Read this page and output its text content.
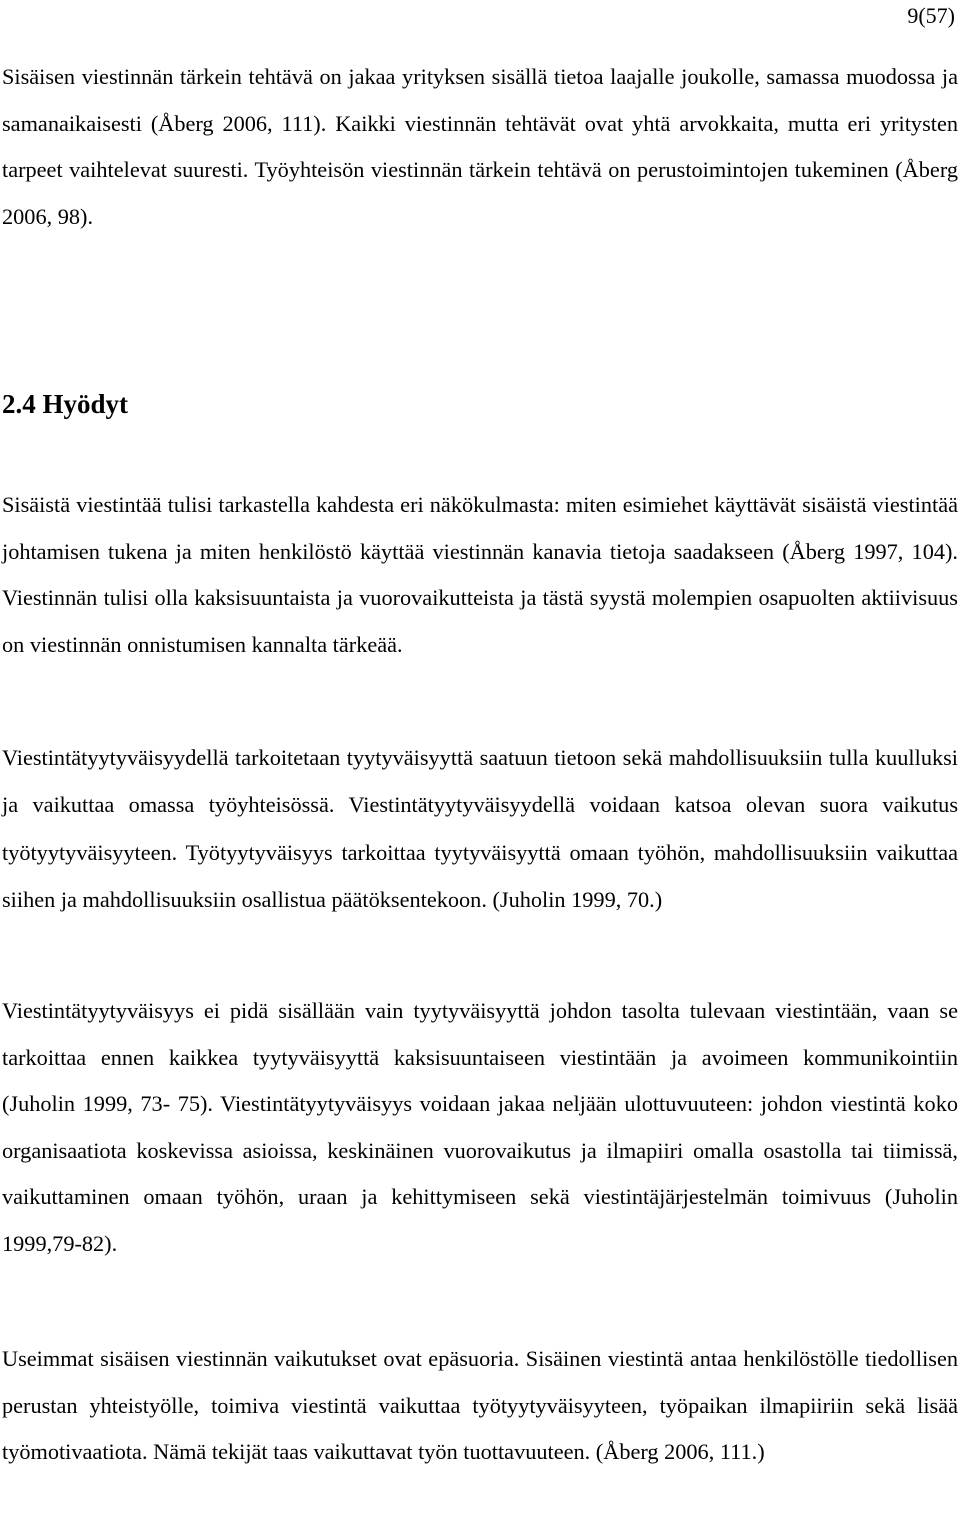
9(57)

Sisäisen viestinnän tärkein tehtävä on jakaa yrityksen sisällä tietoa laajalle joukolle, samassa muodossa ja samanaikaisesti (Åberg 2006, 111). Kaikki viestinnän tehtävät ovat yhtä arvokkaita, mutta eri yritysten tarpeet vaihtelevat suuresti. Työyhteisön viestinnän tärkein tehtävä on perustoimintojen tukeminen (Åberg 2006, 98).

2.4 Hyödyt

Sisäistä viestintää tulisi tarkastella kahdesta eri näkökulmasta: miten esimiehet käyttävät sisäistä viestintää johtamisen tukena ja miten henkilöstö käyttää viestinnän kanavia tietoja saadakseen (Åberg 1997, 104). Viestinnän tulisi olla kaksisuuntaista ja vuorovaikutteista ja tästä syystä molempien osapuolten aktiivisuus on viestinnän onnistumisen kannalta tärkeää.

Viestintätyytyväisyydellä tarkoitetaan tyytyväisyyttä saatuun tietoon sekä mahdollisuuksiin tulla kuulluksi ja vaikuttaa omassa työyhteisössä. Viestintätyytyväisyydellä voidaan katsoa olevan suora vaikutus työtyytyväisyyteen. Työtyytyväisyys tarkoittaa tyytyväisyyttä omaan työhön, mahdollisuuksiin vaikuttaa siihen ja mahdollisuuksiin osallistua päätöksentekoon. (Juholin 1999, 70.)

Viestintätyytyväisyys ei pidä sisällään vain tyytyväisyyttä johdon tasolta tulevaan viestintään, vaan se tarkoittaa ennen kaikkea tyytyväisyyttä kaksisuuntaiseen viestintään ja avoimeen kommunikointiin (Juholin 1999, 73- 75). Viestintätyytyväisyys voidaan jakaa neljään ulottuvuuteen: johdon viestintä koko organisaatiota koskevissa asioissa, keskinäinen vuorovaikutus ja ilmapiiri omalla osastolla tai tiimissä, vaikuttaminen omaan työhön, uraan ja kehittymiseen sekä viestintäjärjestelmän toimivuus (Juholin 1999,79-82).

Useimmat sisäisen viestinnän vaikutukset ovat epäsuoria. Sisäinen viestintä antaa henkilöstölle tiedollisen perustan yhteistyölle, toimiva viestintä vaikuttaa työtyytyväisyyteen, työpaikan ilmapiiriin sekä lisää työmotivaatiota. Nämä tekijät taas vaikuttavat työn tuottavuuteen. (Åberg 2006, 111.)
